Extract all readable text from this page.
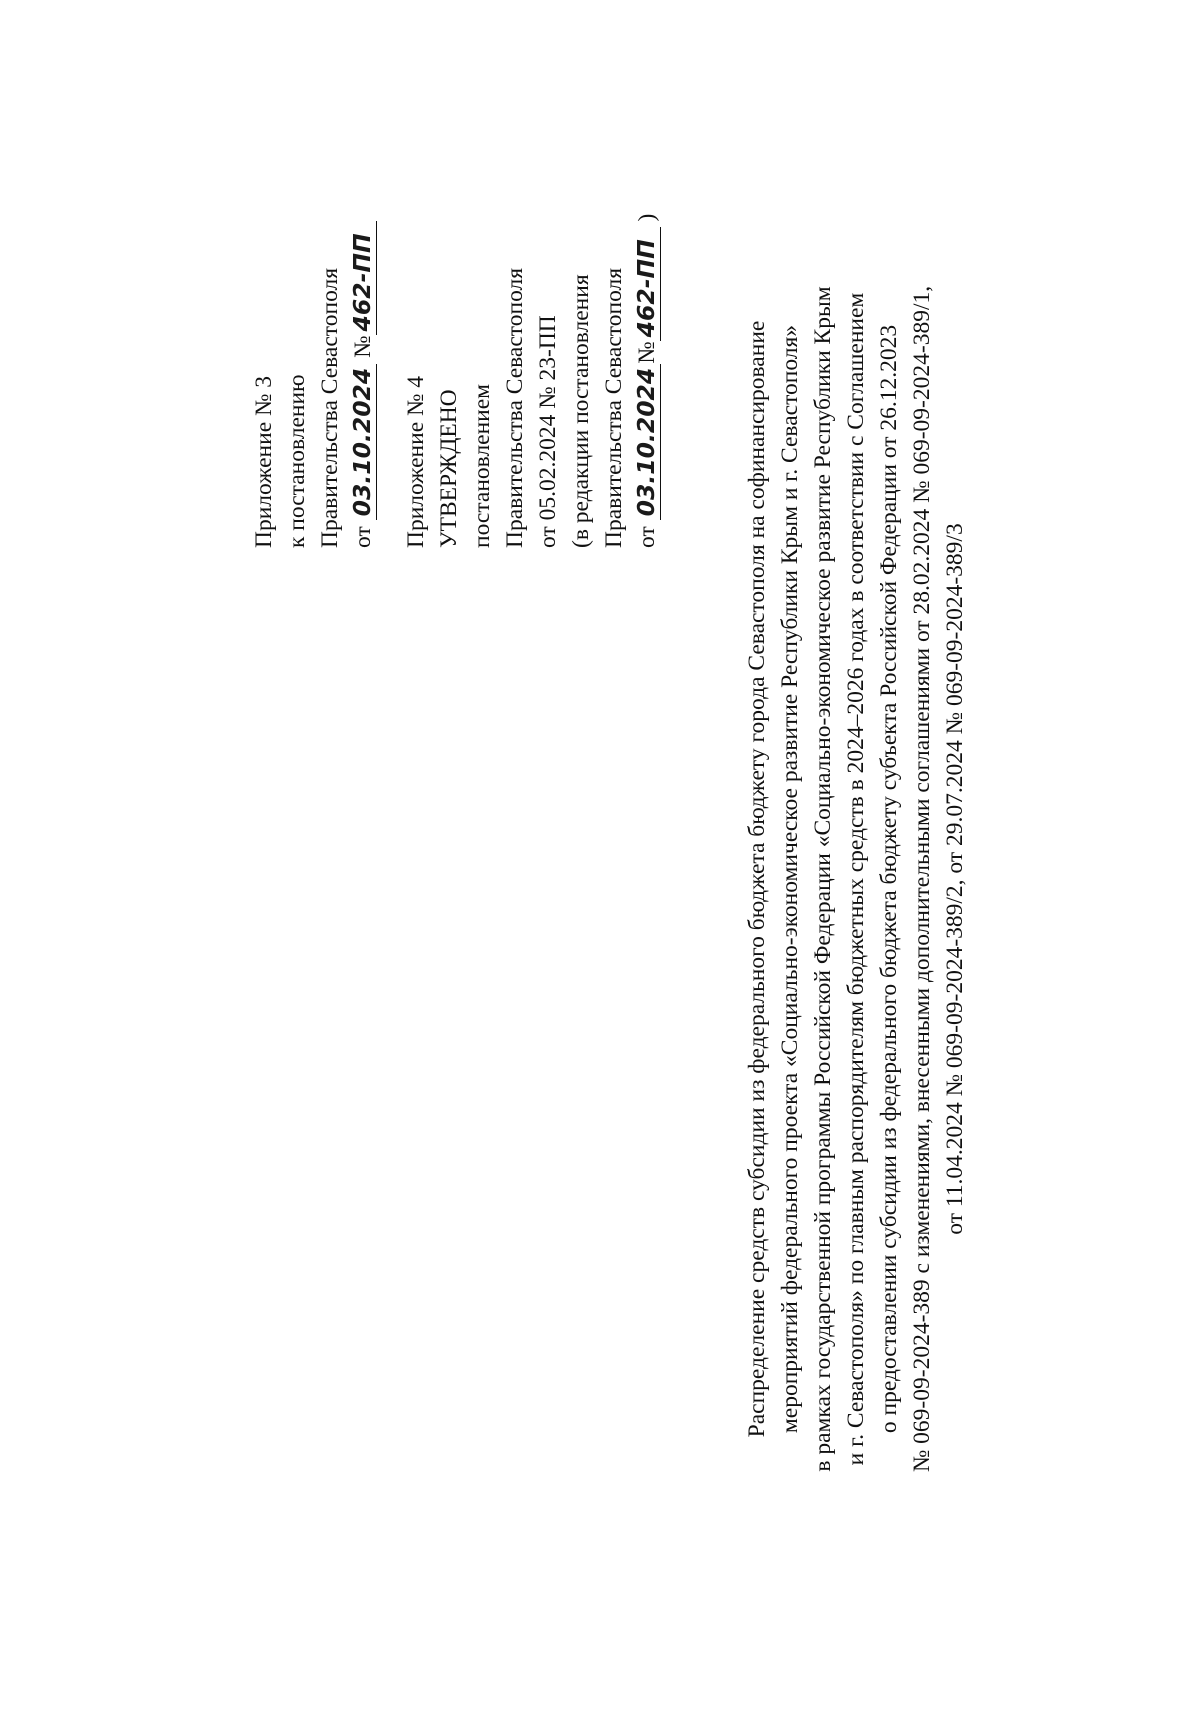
Приложение № 3 к постановлению Правительства Севастополя от 03.10.2024 №462-ПП
Приложение № 4 УТВЕРЖДЕНО постановлением Правительства Севастополя от 05.02.2024 № 23-ПП (в редакции постановления Правительства Севастополя от 03.10.2024№462-ПП )
Распределение средств субсидии из федерального бюджета бюджету города Севастополя на софинансирование мероприятий федерального проекта «Социально-экономическое развитие Республики Крым и г. Севастополя» в рамках государственной программы Российской Федерации «Социально-экономическое развитие Республики Крым и г. Севастополя» по главным распорядителям бюджетных средств в 2024–2026 годах в соответствии с Соглашением о предоставлении субсидии из федерального бюджета бюджету субъекта Российской Федерации от 26.12.2023 № 069-09-2024-389 с изменениями, внесенными дополнительными соглашениями от 28.02.2024 № 069-09-2024-389/1, от 11.04.2024 № 069-09-2024-389/2, от 29.07.2024 № 069-09-2024-389/3
